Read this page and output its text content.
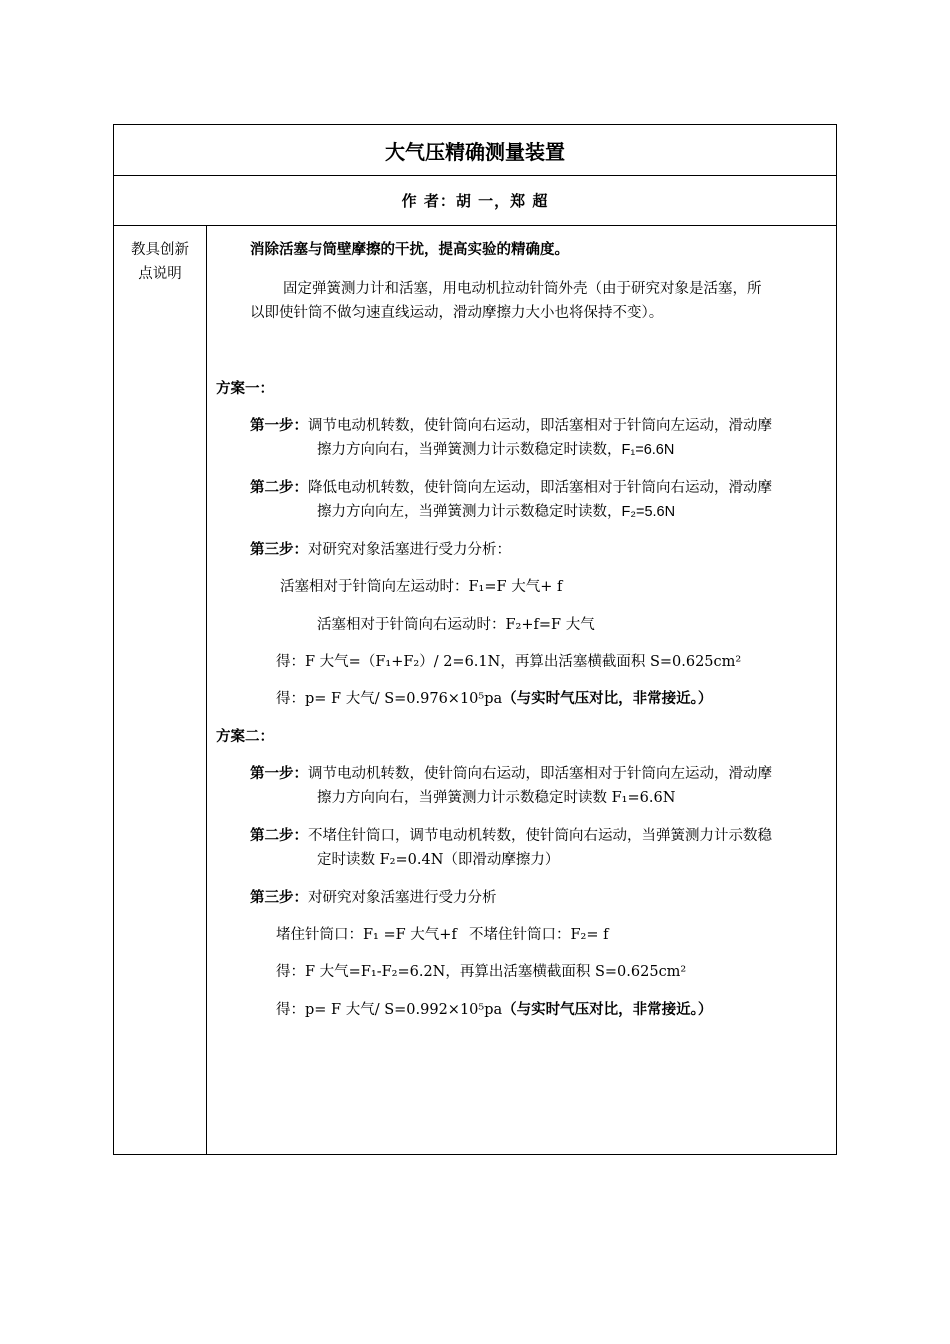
大气压精确测量装置
作 者：胡 一，郑 超
教具创新点说明
消除活塞与筒壁摩擦的干扰，提高实验的精确度。
固定弹簧测力计和活塞，用电动机拉动针筒外壳（由于研究对象是活塞，所
以即使针筒不做匀速直线运动，滑动摩擦力大小也将保持不变）。
方案一：
第一步：调节电动机转数，使针筒向右运动，即活塞相对于针筒向左运动，滑动摩
擦力方向向右，当弹簧测力计示数稳定时读数，F₁=6.6N
第二步：降低电动机转数，使针筒向左运动，即活塞相对于针筒向右运动，滑动摩
擦力方向向左，当弹簧测力计示数稳定时读数，F₂=5.6N
第三步：对研究对象活塞进行受力分析：
活塞相对于针筒向左运动时：F₁=F 大气+ f
活塞相对于针筒向右运动时：F₂+f=F 大气
得：F 大气=（F₁+F₂）/ 2=6.1N，再算出活塞横截面积 S=0.625cm²
得：p= F 大气/ S=0.976×10⁵pa（与实时气压对比，非常接近。）
方案二：
第一步：调节电动机转数，使针筒向右运动，即活塞相对于针筒向左运动，滑动摩
擦力方向向右，当弹簧测力计示数稳定时读数 F₁=6.6N
第二步：不堵住针筒口，调节电动机转数，使针筒向右运动，当弹簧测力计示数稳
定时读数 F₂=0.4N（即滑动摩擦力）
第三步：对研究对象活塞进行受力分析
堵住针筒口：F₁ =F 大气+f 不堵住针筒口：F₂= f
得：F 大气=F₁-F₂=6.2N，再算出活塞横截面积 S=0.625cm²
得：p= F 大气/ S=0.992×10⁵pa（与实时气压对比，非常接近。）
